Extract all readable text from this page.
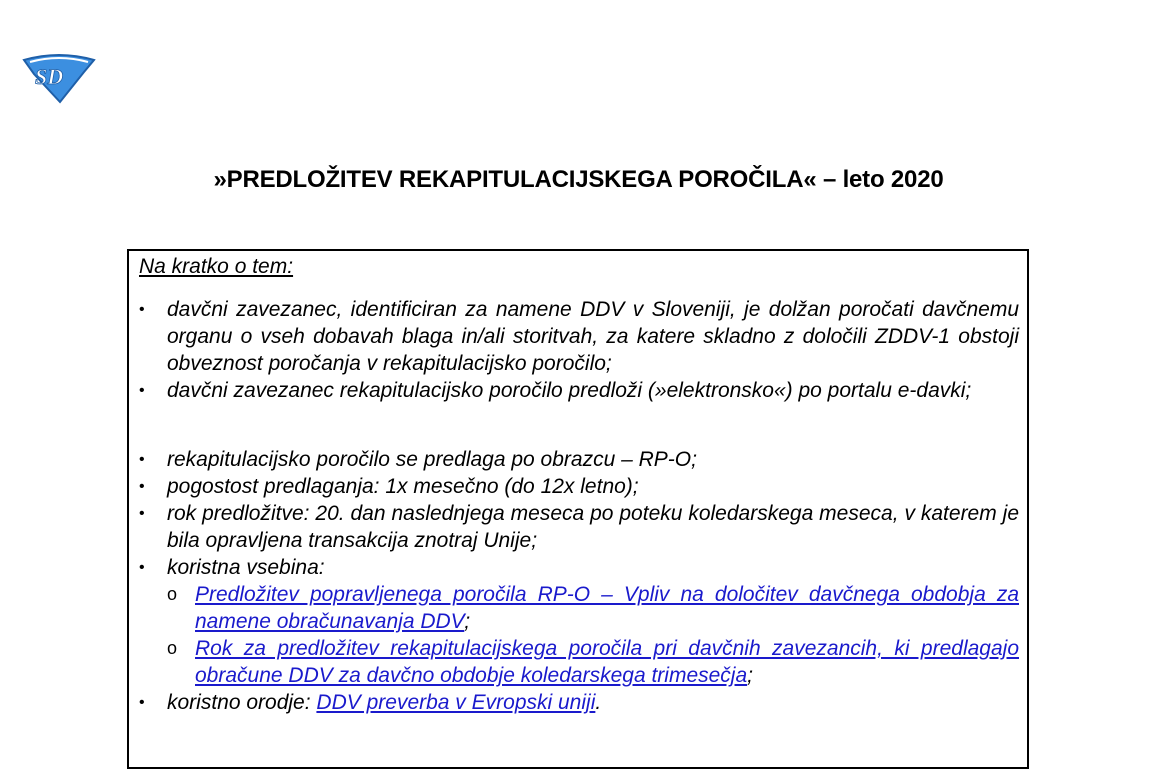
SD
»PREDLOŽITEV REKAPITULACIJSKEGA POROČILA« – leto 2020
Na kratko o tem:
•	davčni zavezanec, identificiran za namene DDV v Sloveniji, je dolžan poročati davčnemu organu o vseh dobavah blaga in/ali storitvah, za katere skladno z določili ZDDV-1 obstoji obveznost poročanja v rekapitulacijsko poročilo;
•	davčni zavezanec rekapitulacijsko poročilo predloži (»elektronsko«) po portalu e-davki;
•	rekapitulacijsko poročilo se predlaga po obrazcu – RP-O;
•	pogostost predlaganja: 1x mesečno (do 12x letno);
•	rok predložitve: 20. dan naslednjega meseca po poteku koledarskega meseca, v katerem je bila opravljena transakcija znotraj Unije;
•	koristna vsebina:
o Predložitev popravljenega poročila RP-O – Vpliv na določitev davčnega obdobja za namene obračunavanja DDV;
o Rok za predložitev rekapitulacijskega poročila pri davčnih zavezancih, ki predlagajo obračune DDV za davčno obdobje koledarskega trimesečja;
•	koristno orodje: DDV preverba v Evropski uniji.
